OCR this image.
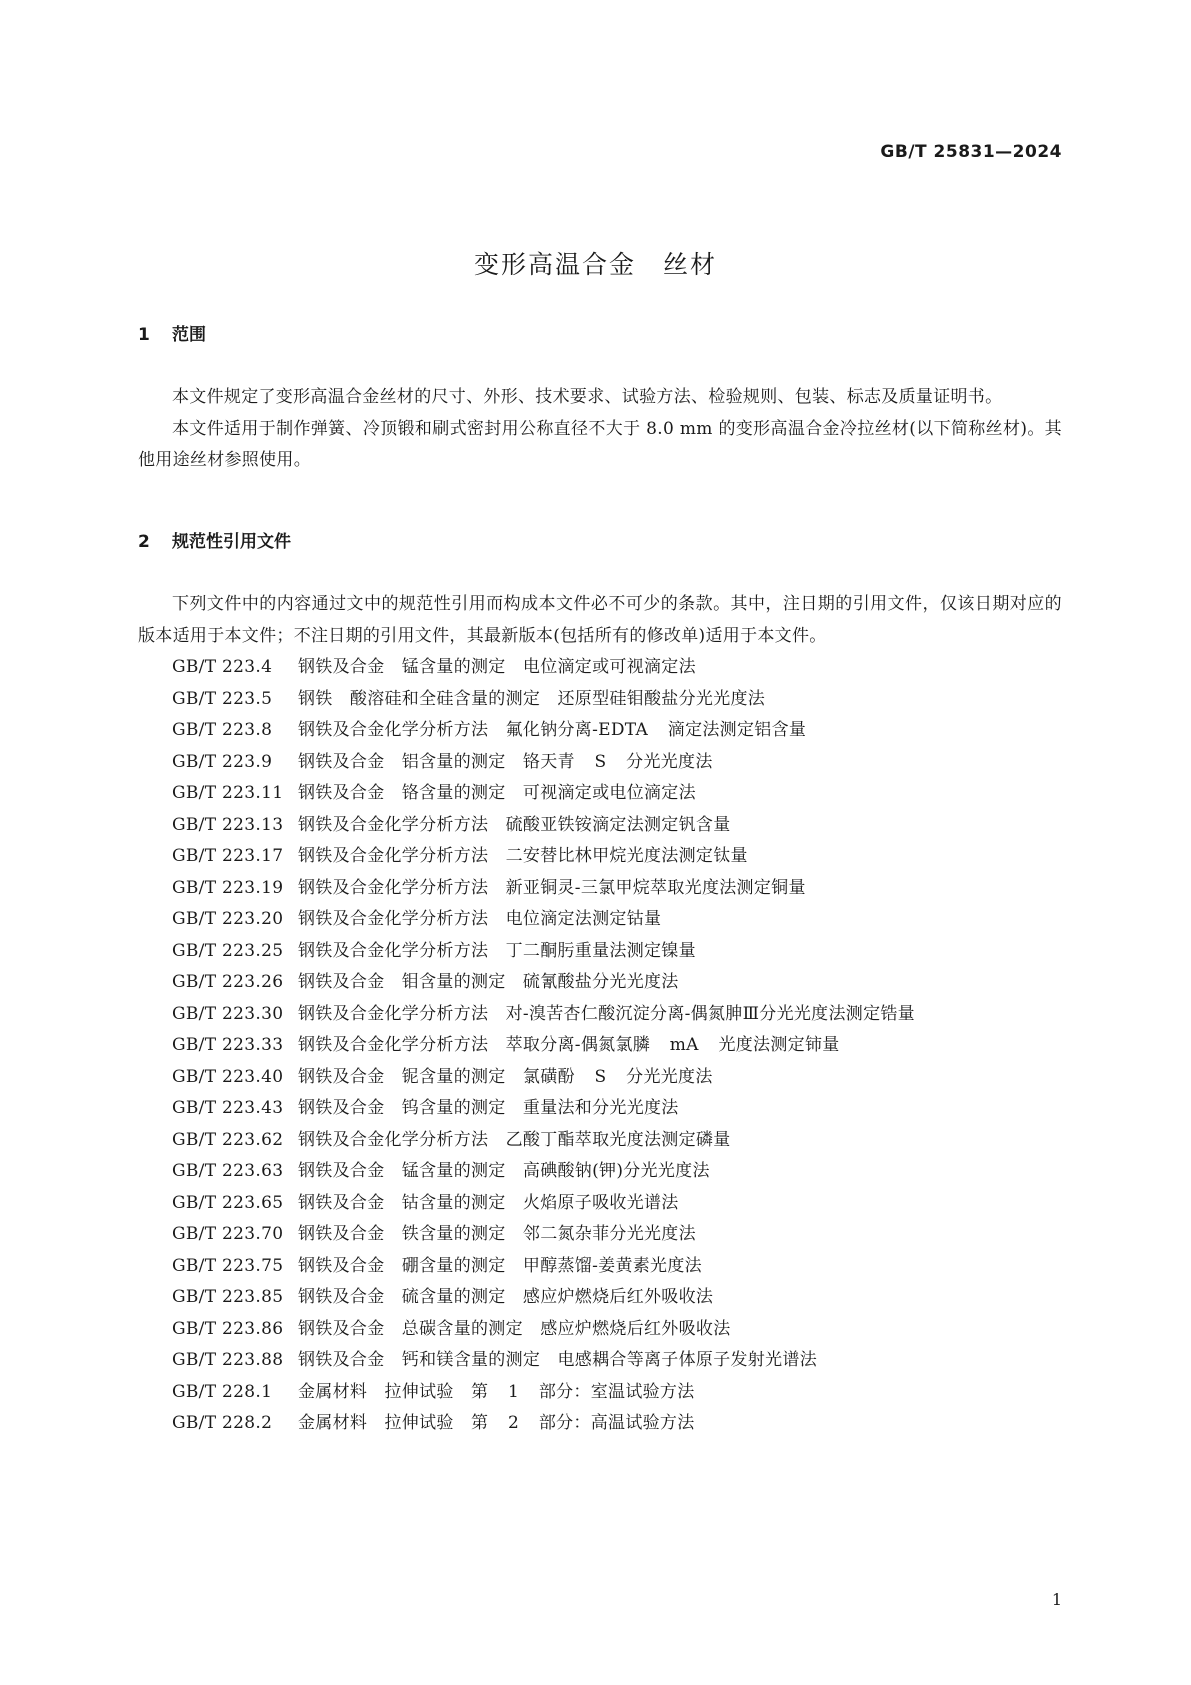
GB/T 25831—2024
变形高温合金　丝材
1 范围

本文件规定了变形高温合金丝材的尺寸、外形、技术要求、试验方法、检验规则、包装、标志及质量证明书。

本文件适用于制作弹簧、冷顶锻和刷式密封用公称直径不大于 8.0 mm 的变形高温合金冷拉丝材(以下简称丝材)。其他用途丝材参照使用。

2 规范性引用文件

下列文件中的内容通过文中的规范性引用而构成本文件必不可少的条款。其中，注日期的引用文件，仅该日期对应的版本适用于本文件；不注日期的引用文件，其最新版本(包括所有的修改单)适用于本文件。

GB/T 223.4 钢铁及合金　锰含量的测定　电位滴定或可视滴定法
GB/T 223.5 钢铁　酸溶硅和全硅含量的测定　还原型硅钼酸盐分光光度法
GB/T 223.8 钢铁及合金化学分析方法　氟化钠分离-EDTA 滴定法测定铝含量
GB/T 223.9 钢铁及合金　铝含量的测定　铬天青 S 分光光度法
GB/T 223.11 钢铁及合金　铬含量的测定　可视滴定或电位滴定法
GB/T 223.13 钢铁及合金化学分析方法　硫酸亚铁铵滴定法测定钒含量
GB/T 223.17 钢铁及合金化学分析方法　二安替比林甲烷光度法测定钛量
GB/T 223.19 钢铁及合金化学分析方法　新亚铜灵-三氯甲烷萃取光度法测定铜量
GB/T 223.20 钢铁及合金化学分析方法　电位滴定法测定钴量
GB/T 223.25 钢铁及合金化学分析方法　丁二酮肟重量法测定镍量
GB/T 223.26 钢铁及合金　钼含量的测定　硫氰酸盐分光光度法
GB/T 223.30 钢铁及合金化学分析方法　对-溴苦杏仁酸沉淀分离-偶氮胂Ⅲ分光光度法测定锆量
GB/T 223.33 钢铁及合金化学分析方法　萃取分离-偶氮氯膦 mA 光度法测定铈量
GB/T 223.40 钢铁及合金　铌含量的测定　氯磺酚 S 分光光度法
GB/T 223.43 钢铁及合金　钨含量的测定　重量法和分光光度法
GB/T 223.62 钢铁及合金化学分析方法　乙酸丁酯萃取光度法测定磷量
GB/T 223.63 钢铁及合金　锰含量的测定　高碘酸钠(钾)分光光度法
GB/T 223.65 钢铁及合金　钴含量的测定　火焰原子吸收光谱法
GB/T 223.70 钢铁及合金　铁含量的测定　邻二氮杂菲分光光度法
GB/T 223.75 钢铁及合金　硼含量的测定　甲醇蒸馏-姜黄素光度法
GB/T 223.85 钢铁及合金　硫含量的测定　感应炉燃烧后红外吸收法
GB/T 223.86 钢铁及合金　总碳含量的测定　感应炉燃烧后红外吸收法
GB/T 223.88 钢铁及合金　钙和镁含量的测定　电感耦合等离子体原子发射光谱法
GB/T 228.1 金属材料　拉伸试验　第 1 部分：室温试验方法
GB/T 228.2 金属材料　拉伸试验　第 2 部分：高温试验方法
1
